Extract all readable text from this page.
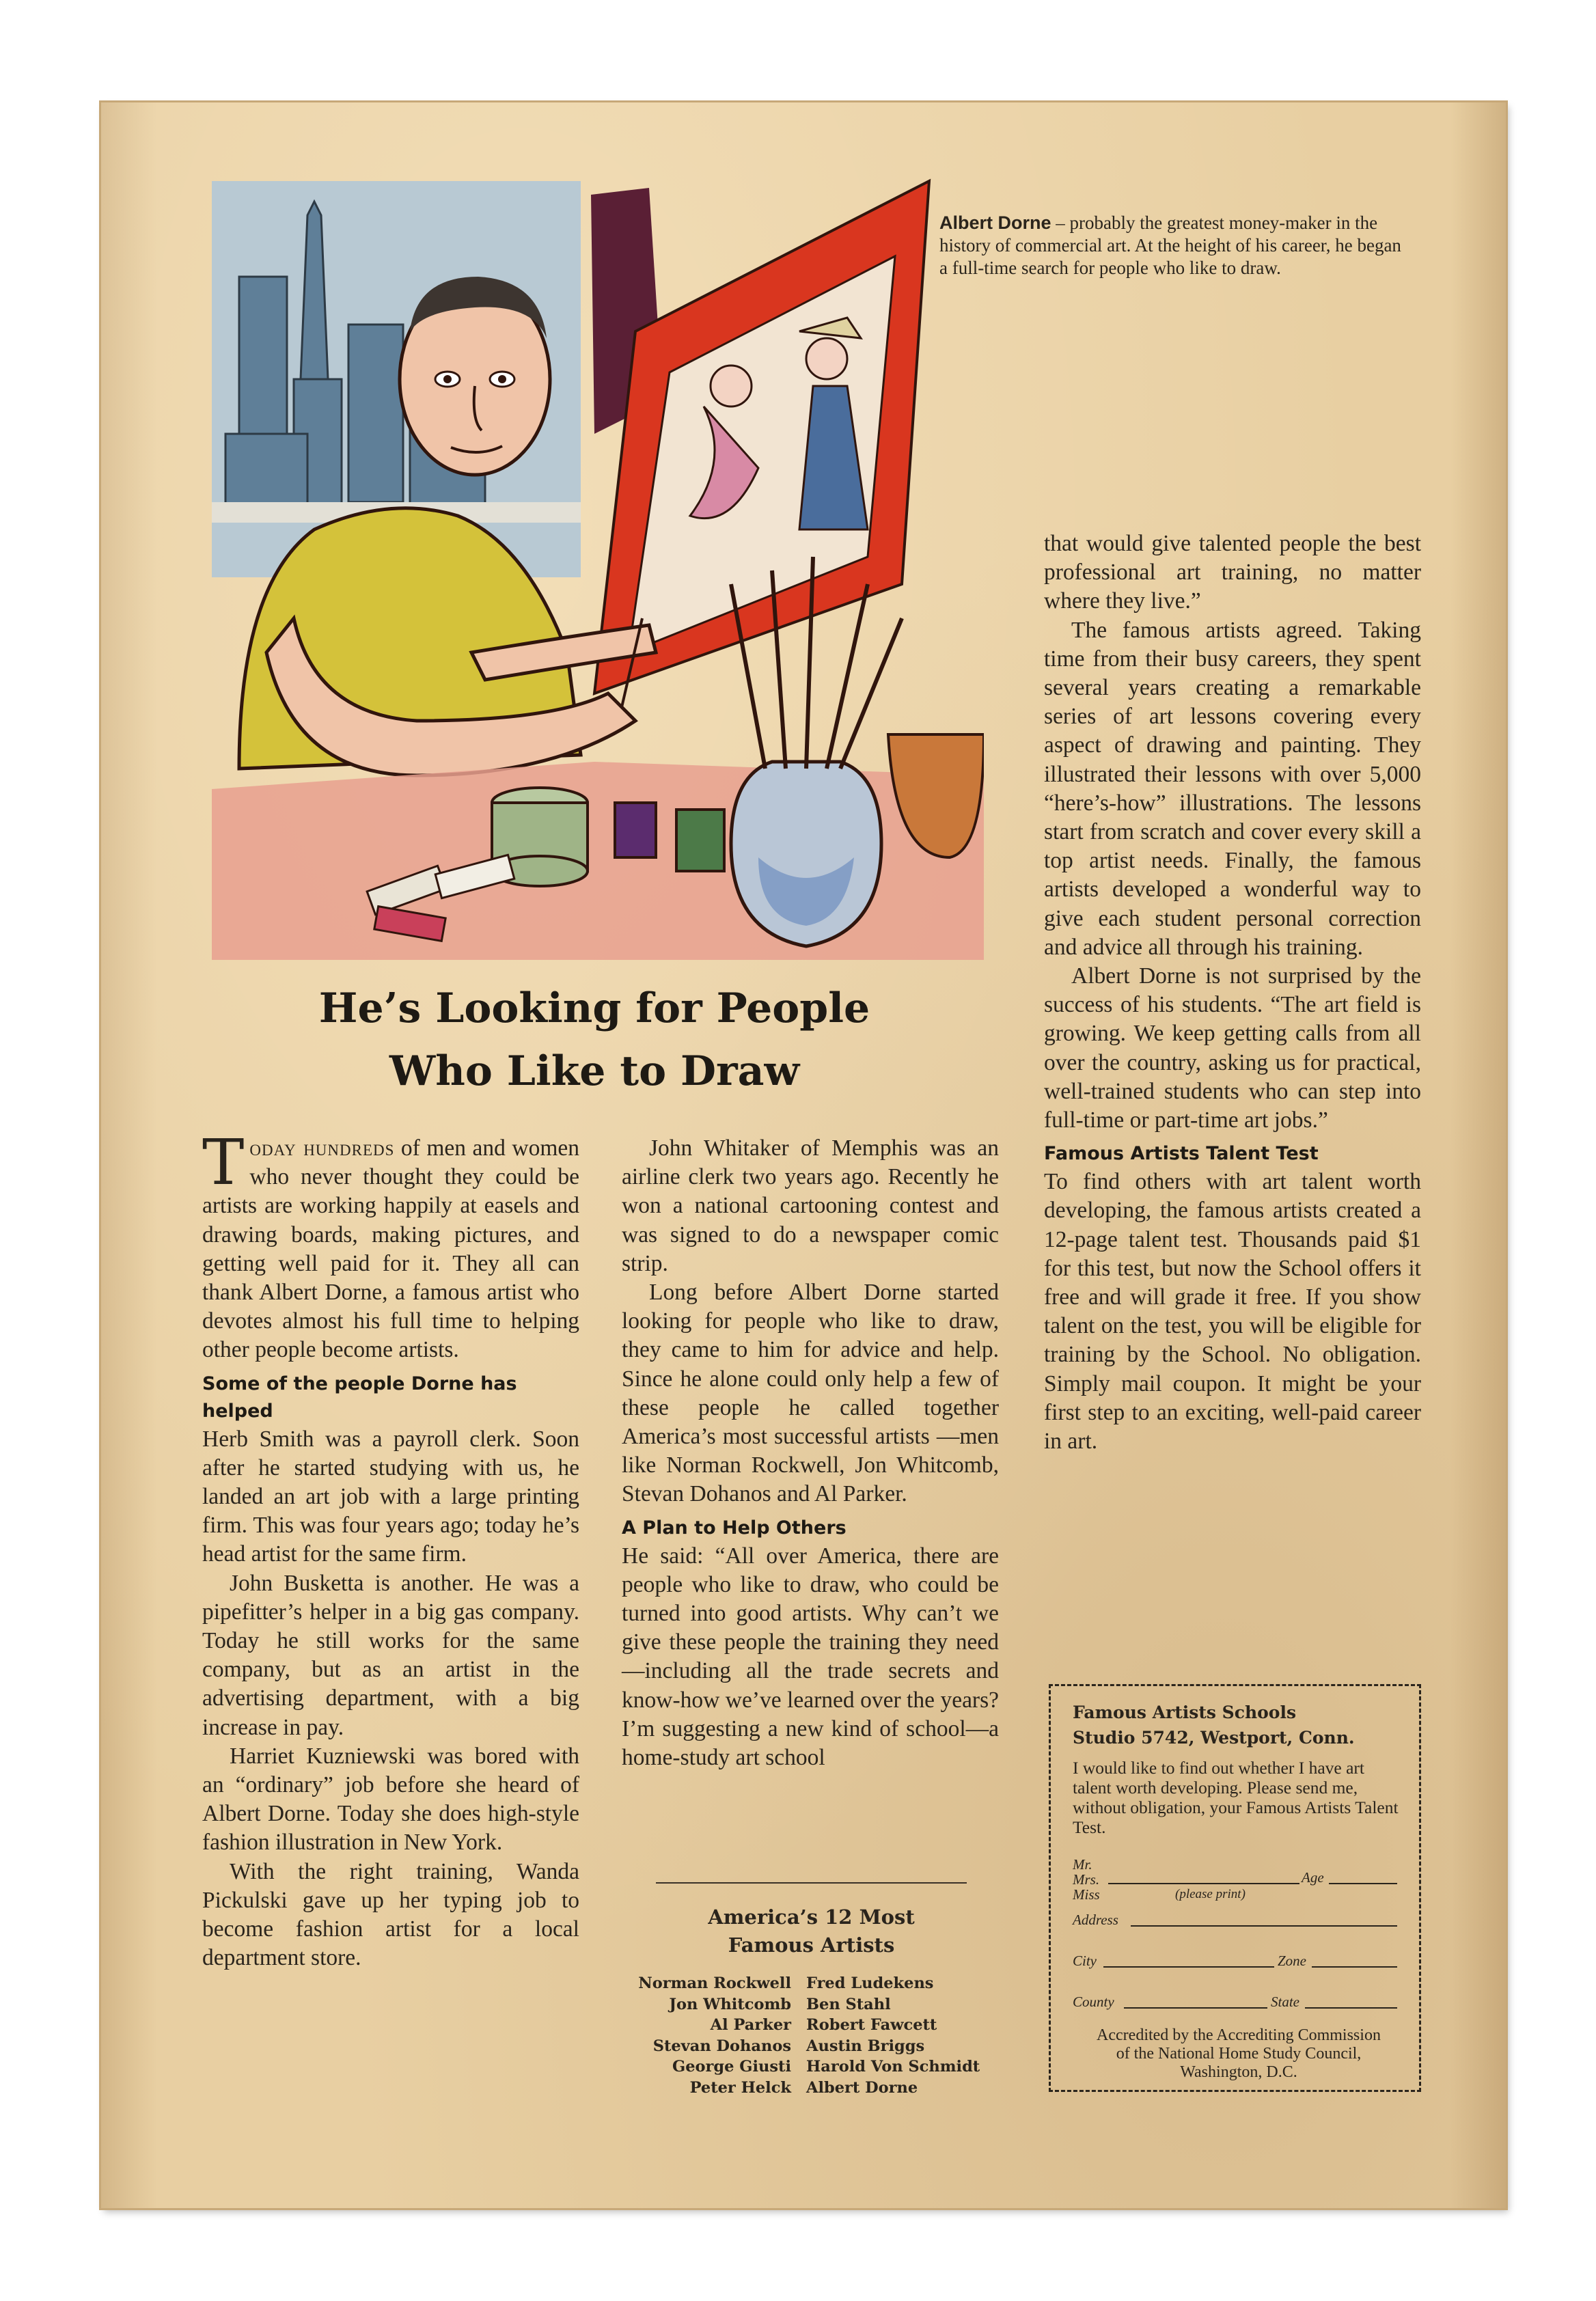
Albert Dorne – probably the greatest money-maker in the history of commercial art. At the height of his career, he began a full-time search for people who like to draw.
He’s Looking for People
Who Like to Draw

Today hundreds of men and women who never thought they could be artists are working happily at easels and drawing boards, making pictures, and getting well paid for it. They all can thank Albert Dorne, a famous artist who devotes almost his full time to helping other people become artists.

Some of the people Dorne has helped

Herb Smith was a payroll clerk. Soon after he started studying with us, he landed an art job with a large printing firm. This was four years ago; today he’s head artist for the same firm.

John Busketta is another. He was a pipefitter’s helper in a big gas company. Today he still works for the same company, but as an artist in the advertising department, with a big increase in pay.

Harriet Kuzniewski was bored with an “ordinary” job before she heard of Albert Dorne. Today she does high-style fashion illustration in New York.

With the right training, Wanda Pickulski gave up her typing job to become fashion artist for a local department store.

John Whitaker of Memphis was an airline clerk two years ago. Recently he won a national cartooning contest and was signed to do a newspaper comic strip.

Long before Albert Dorne started looking for people who like to draw, they came to him for advice and help. Since he alone could only help a few of these people he called together America’s most successful artists —men like Norman Rockwell, Jon Whitcomb, Stevan Dohanos and Al Parker.

A Plan to Help Others

He said: “All over America, there are people who like to draw, who could be turned into good artists. Why can’t we give these people the training they need—including all the trade secrets and know-how we’ve learned over the years? I’m suggesting a new kind of school—a home-study art school

America’s 12 Most
Famous Artists
Norman Rockwell Fred Ludekens
Jon Whitcomb Ben Stahl
Al Parker Robert Fawcett
Stevan Dohanos Austin Briggs
George Giusti Harold Von Schmidt
Peter Helck Albert Dorne

that would give talented people the best professional art training, no matter where they live.”

The famous artists agreed. Taking time from their busy careers, they spent several years creating a remarkable series of art lessons covering every aspect of drawing and painting. They illustrated their lessons with over 5,000 “here’s-how” illustrations. The lessons start from scratch and cover every skill a top artist needs. Finally, the famous artists developed a wonderful way to give each student personal correction and advice all through his training.

Albert Dorne is not surprised by the success of his students. “The art field is growing. We keep getting calls from all over the country, asking us for practical, well-trained students who can step into full-time or part-time art jobs.”

Famous Artists Talent Test

To find others with art talent worth developing, the famous artists created a 12-page talent test. Thousands paid $1 for this test, but now the School offers it free and will grade it free. If you show talent on the test, you will be eligible for training by the School. No obligation. Simply mail coupon. It might be your first step to an exciting, well-paid career in art.

Famous Artists Schools
Studio 5742, Westport, Conn.
I would like to find out whether I have art talent worth developing. Please send me, without obligation, your Famous Artists Talent Test.
Mr.
Mrs.
Miss
Age
(please print)
Address
City	Zone
County	State
Accredited by the Accrediting Commission of the National Home Study Council, Washington, D.C.
